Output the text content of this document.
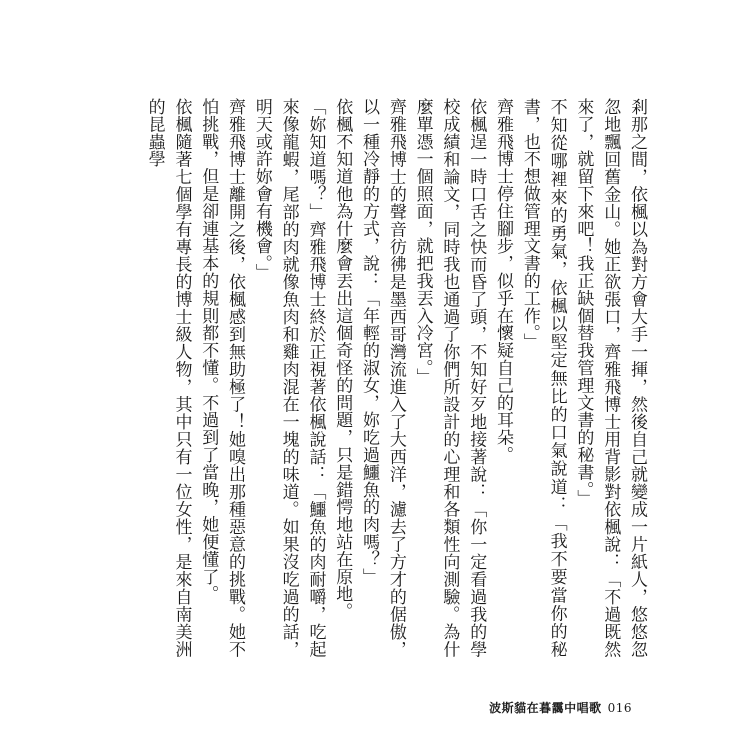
剎那之間，依楓以為對方會大手一揮，然後自己就變成一片紙人，悠悠忽忽地飄回舊金山。她正欲張口，齊雅飛博士用背影對依楓說：「不過既然來了，就留下來吧！我正缺個替我管理文書的秘書。」

不知從哪裡來的勇氣，依楓以堅定無比的口氣說道：「我不要當你的秘書，也不想做管理文書的工作。」

齊雅飛博士停住腳步，似乎在懷疑自己的耳朵。

依楓逞一時口舌之快而昏了頭，不知好歹地接著說：「你一定看過我的學校成績和論文，同時我也通過了你們所設計的心理和各類性向測驗。為什麼單憑一個照面，就把我丟入冷宮。」

齊雅飛博士的聲音彷彿是墨西哥灣流進入了大西洋，濾去了方才的倨傲，以一種冷靜的方式，說：「年輕的淑女，妳吃過鱷魚的肉嗎？」

依楓不知道他為什麼會丟出這個奇怪的問題，只是錯愕地站在原地。

「妳知道嗎？」齊雅飛博士終於正視著依楓說話：「鱷魚的肉耐嚼，吃起來像龍蝦，尾部的肉就像魚肉和雞肉混在一塊的味道。如果沒吃過的話，明天或許妳會有機會。」

齊雅飛博士離開之後，依楓感到無助極了！她嗅出那種惡意的挑戰。她不怕挑戰，但是卻連基本的規則都不懂。不過到了當晚，她便懂了。

依楓隨著七個學有專長的博士級人物，其中只有一位女性，是來自南美洲的昆蟲學

波斯貓在暮靄中唱歌 016
